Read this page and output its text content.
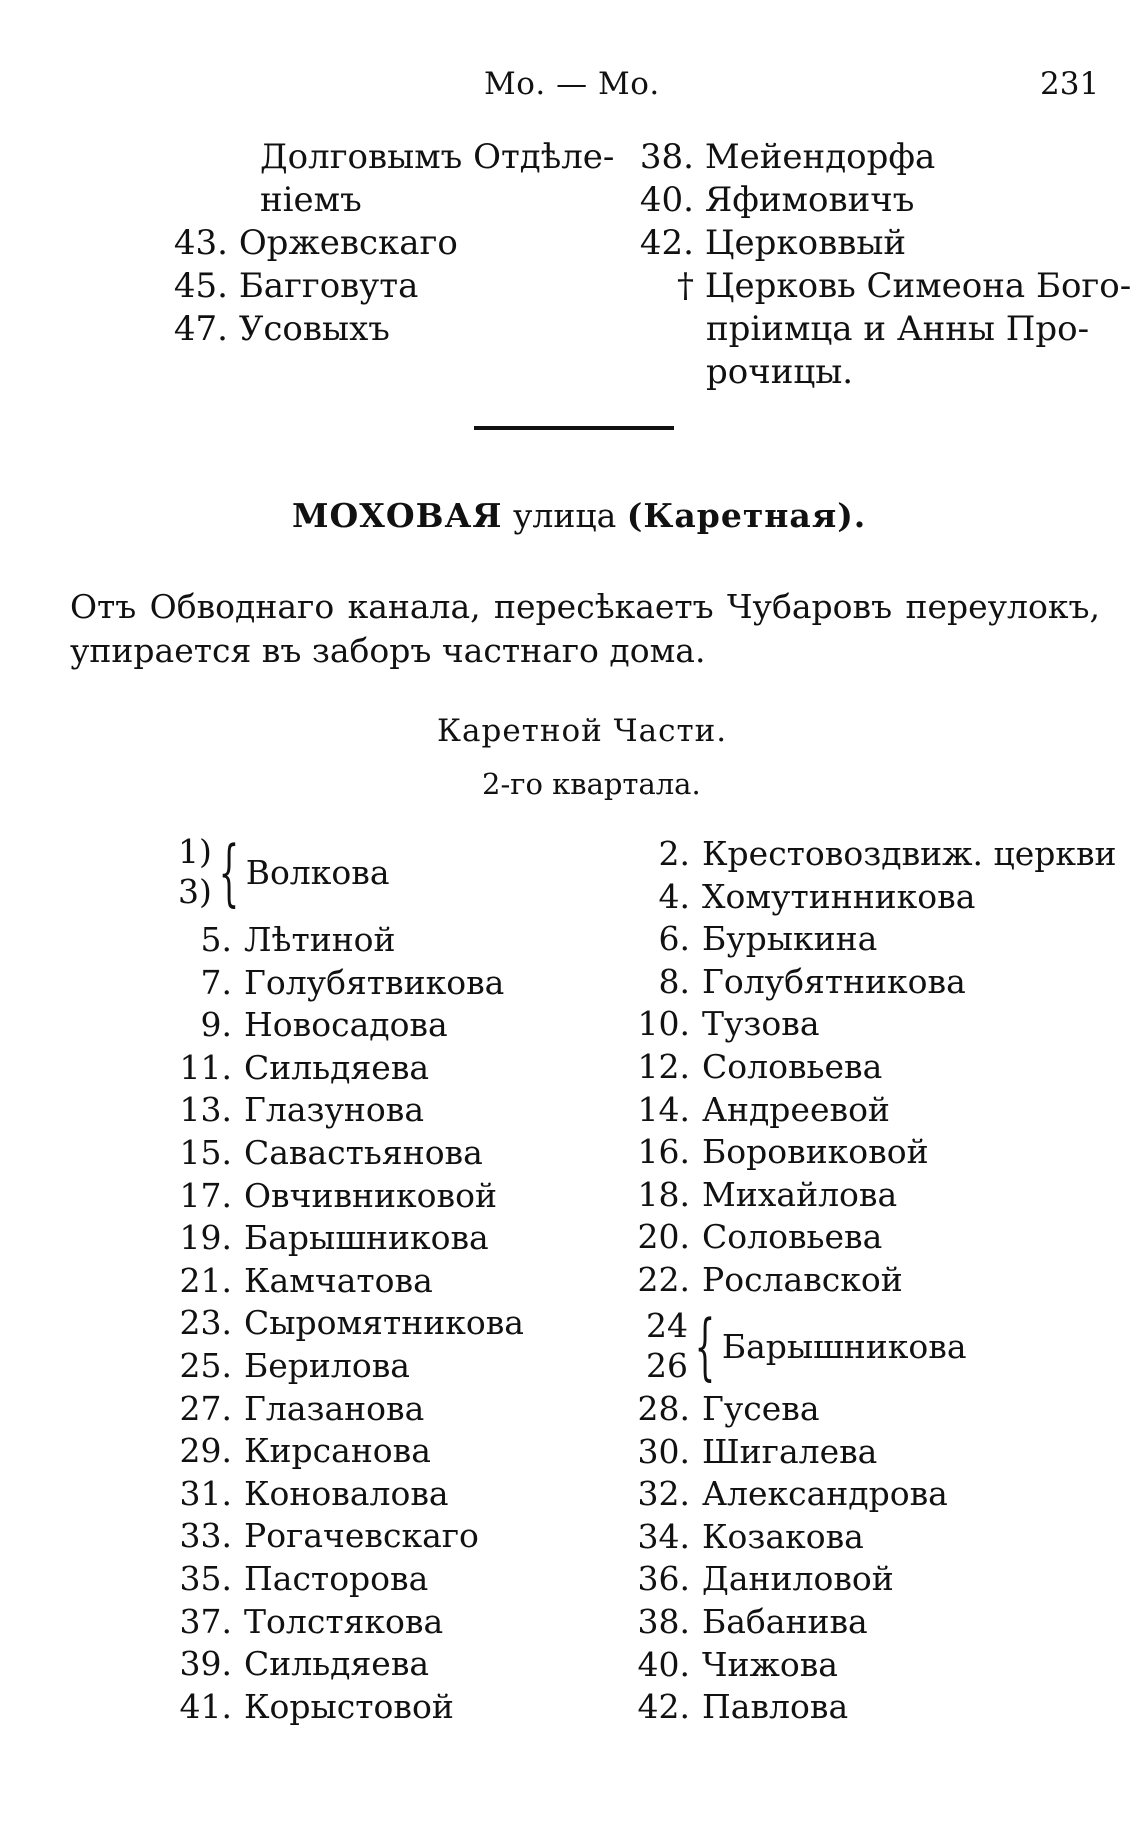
Мо. — Мо.	231
Долговымъ Отдѣле-
ніемъ
43. Оржевскаго
45. Багговута
47. Усовыхъ
38. Мейендорфа
40. Яфимовичъ
42. Церковвый
† Церковь Симеона Бого-
пріимца и Анны Про-
рочицы.
МОХОВАЯ улица (Каретная).
Отъ Обводнаго канала, пересѣкаетъ Чубаровъ переулокъ, упирается въ заборъ частнаго дома.
Каретной Части.
2-го квартала.
1)
3){ Волкова
5. Лѣтиной
7. Голубятвикова
9. Новосадова
11. Сильдяева
13. Глазунова
15. Савастьянова
17. Овчивниковой
19. Барышникова
21. Камчатова
23. Сыромятникова
25. Берилова
27. Глазанова
29. Кирсанова
31. Коновалова
33. Рогачевскаго
35. Пасторова
37. Толстякова
39. Сильдяева
41. Корыстовой
2. Крестовоздвиж. церкви
4. Хомутинникова
6. Бурыкина
8. Голубятникова
10. Тузова
12. Соловьева
14. Андреевой
16. Боровиковой
18. Михайлова
20. Соловьева
22. Рославской
24
26{ Барышникова
28. Гусева
30. Шигалева
32. Александрова
34. Козакова
36. Даниловой
38. Бабанива
40. Чижова
42. Павлова
